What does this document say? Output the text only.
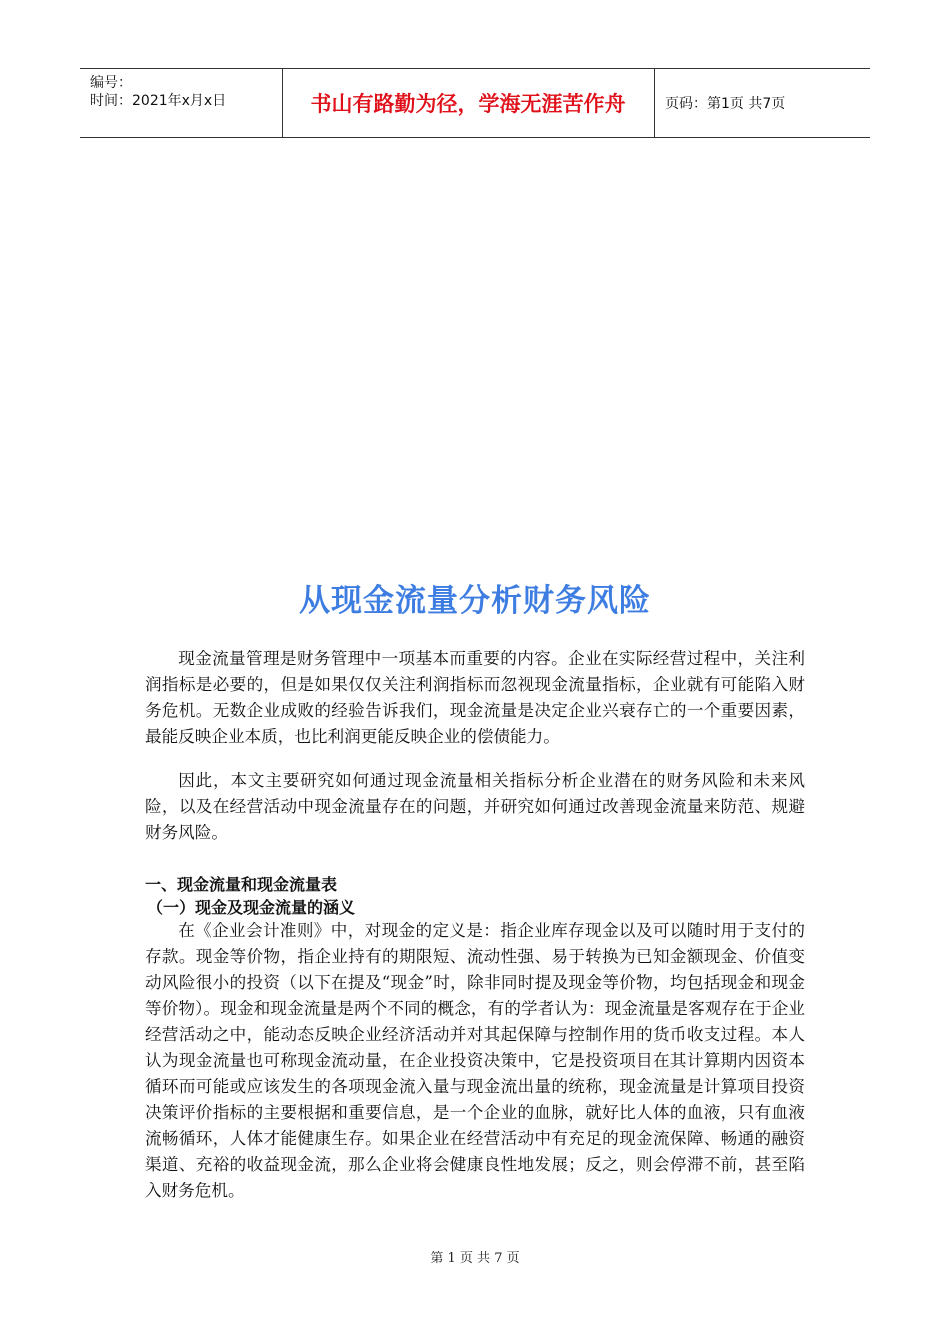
编号：
时间：2021年x月x日	书山有路勤为径，学海无涯苦作舟	页码：第1页 共7页
从现金流量分析财务风险

现金流量管理是财务管理中一项基本而重要的内容。企业在实际经营过程中，关注利润指标是必要的，但是如果仅仅关注利润指标而忽视现金流量指标，企业就有可能陷入财务危机。无数企业成败的经验告诉我们，现金流量是决定企业兴衰存亡的一个重要因素，最能反映企业本质，也比利润更能反映企业的偿债能力。

因此，本文主要研究如何通过现金流量相关指标分析企业潜在的财务风险和未来风险，以及在经营活动中现金流量存在的问题，并研究如何通过改善现金流量来防范、规避财务风险。

一、现金流量和现金流量表
（一）现金及现金流量的涵义

在《企业会计准则》中，对现金的定义是：指企业库存现金以及可以随时用于支付的存款。现金等价物，指企业持有的期限短、流动性强、易于转换为已知金额现金、价值变动风险很小的投资（以下在提及“现金”时，除非同时提及现金等价物，均包括现金和现金等价物）。现金和现金流量是两个不同的概念，有的学者认为：现金流量是客观存在于企业经营活动之中，能动态反映企业经济活动并对其起保障与控制作用的货币收支过程。本人认为现金流量也可称现金流动量，在企业投资决策中，它是投资项目在其计算期内因资本循环而可能或应该发生的各项现金流入量与现金流出量的统称，现金流量是计算项目投资决策评价指标的主要根据和重要信息，是一个企业的血脉，就好比人体的血液，只有血液流畅循环，人体才能健康生存。如果企业在经营活动中有充足的现金流保障、畅通的融资渠道、充裕的收益现金流，那么企业将会健康良性地发展；反之，则会停滞不前，甚至陷入财务危机。

第 1 页 共 7 页
